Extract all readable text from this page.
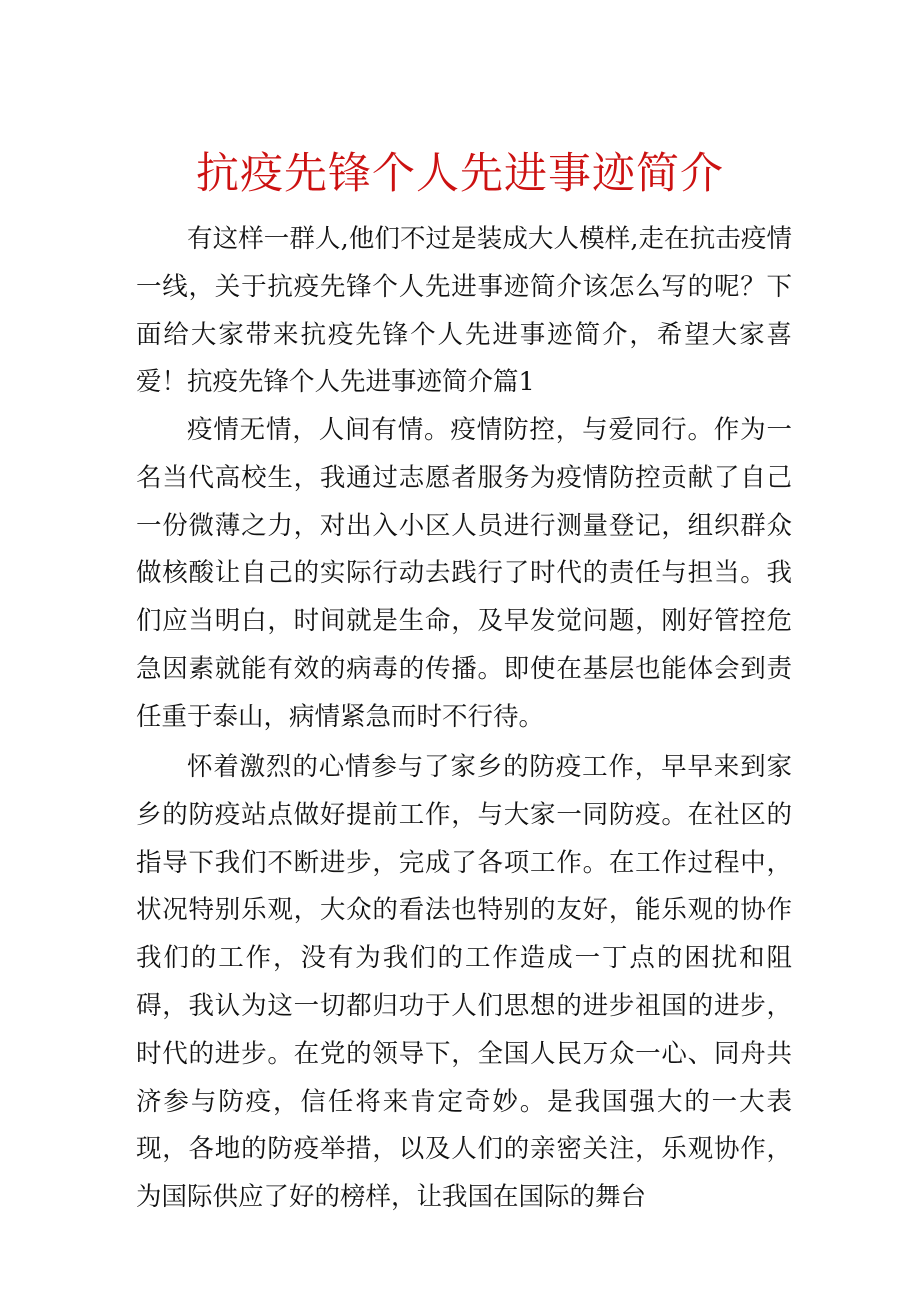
抗疫先锋个人先进事迹简介

有这样一群人,他们不过是装成大人模样,走在抗击疫情一线，关于抗疫先锋个人先进事迹简介该怎么写的呢？下面给大家带来抗疫先锋个人先进事迹简介，希望大家喜爱！ 抗疫先锋个人先进事迹简介篇1

疫情无情，人间有情。疫情防控，与爱同行。作为一名当代高校生，我通过志愿者服务为疫情防控贡献了自己一份微薄之力，对出入小区人员进行测量登记，组织群众做核酸让自己的实际行动去践行了时代的责任与担当。我们应当明白，时间就是生命，及早发觉问题，刚好管控危急因素就能有效的病毒的传播。即使在基层也能体会到责任重于泰山，病情紧急而时不行待。

怀着激烈的心情参与了家乡的防疫工作，早早来到家乡的防疫站点做好提前工作，与大家一同防疫。在社区的指导下我们不断进步，完成了各项工作。在工作过程中，状况特别乐观，大众的看法也特别的友好，能乐观的协作我们的工作，没有为我们的工作造成一丁点的困扰和阻碍，我认为这一切都归功于人们思想的进步祖国的进步，时代的进步。在党的领导下，全国人民万众一心、同舟共济参与防疫，信任将来肯定奇妙。是我国强大的一大表现，各地的防疫举措，以及人们的亲密关注，乐观协作，为国际供应了好的榜样，让我国在国际的舞台
